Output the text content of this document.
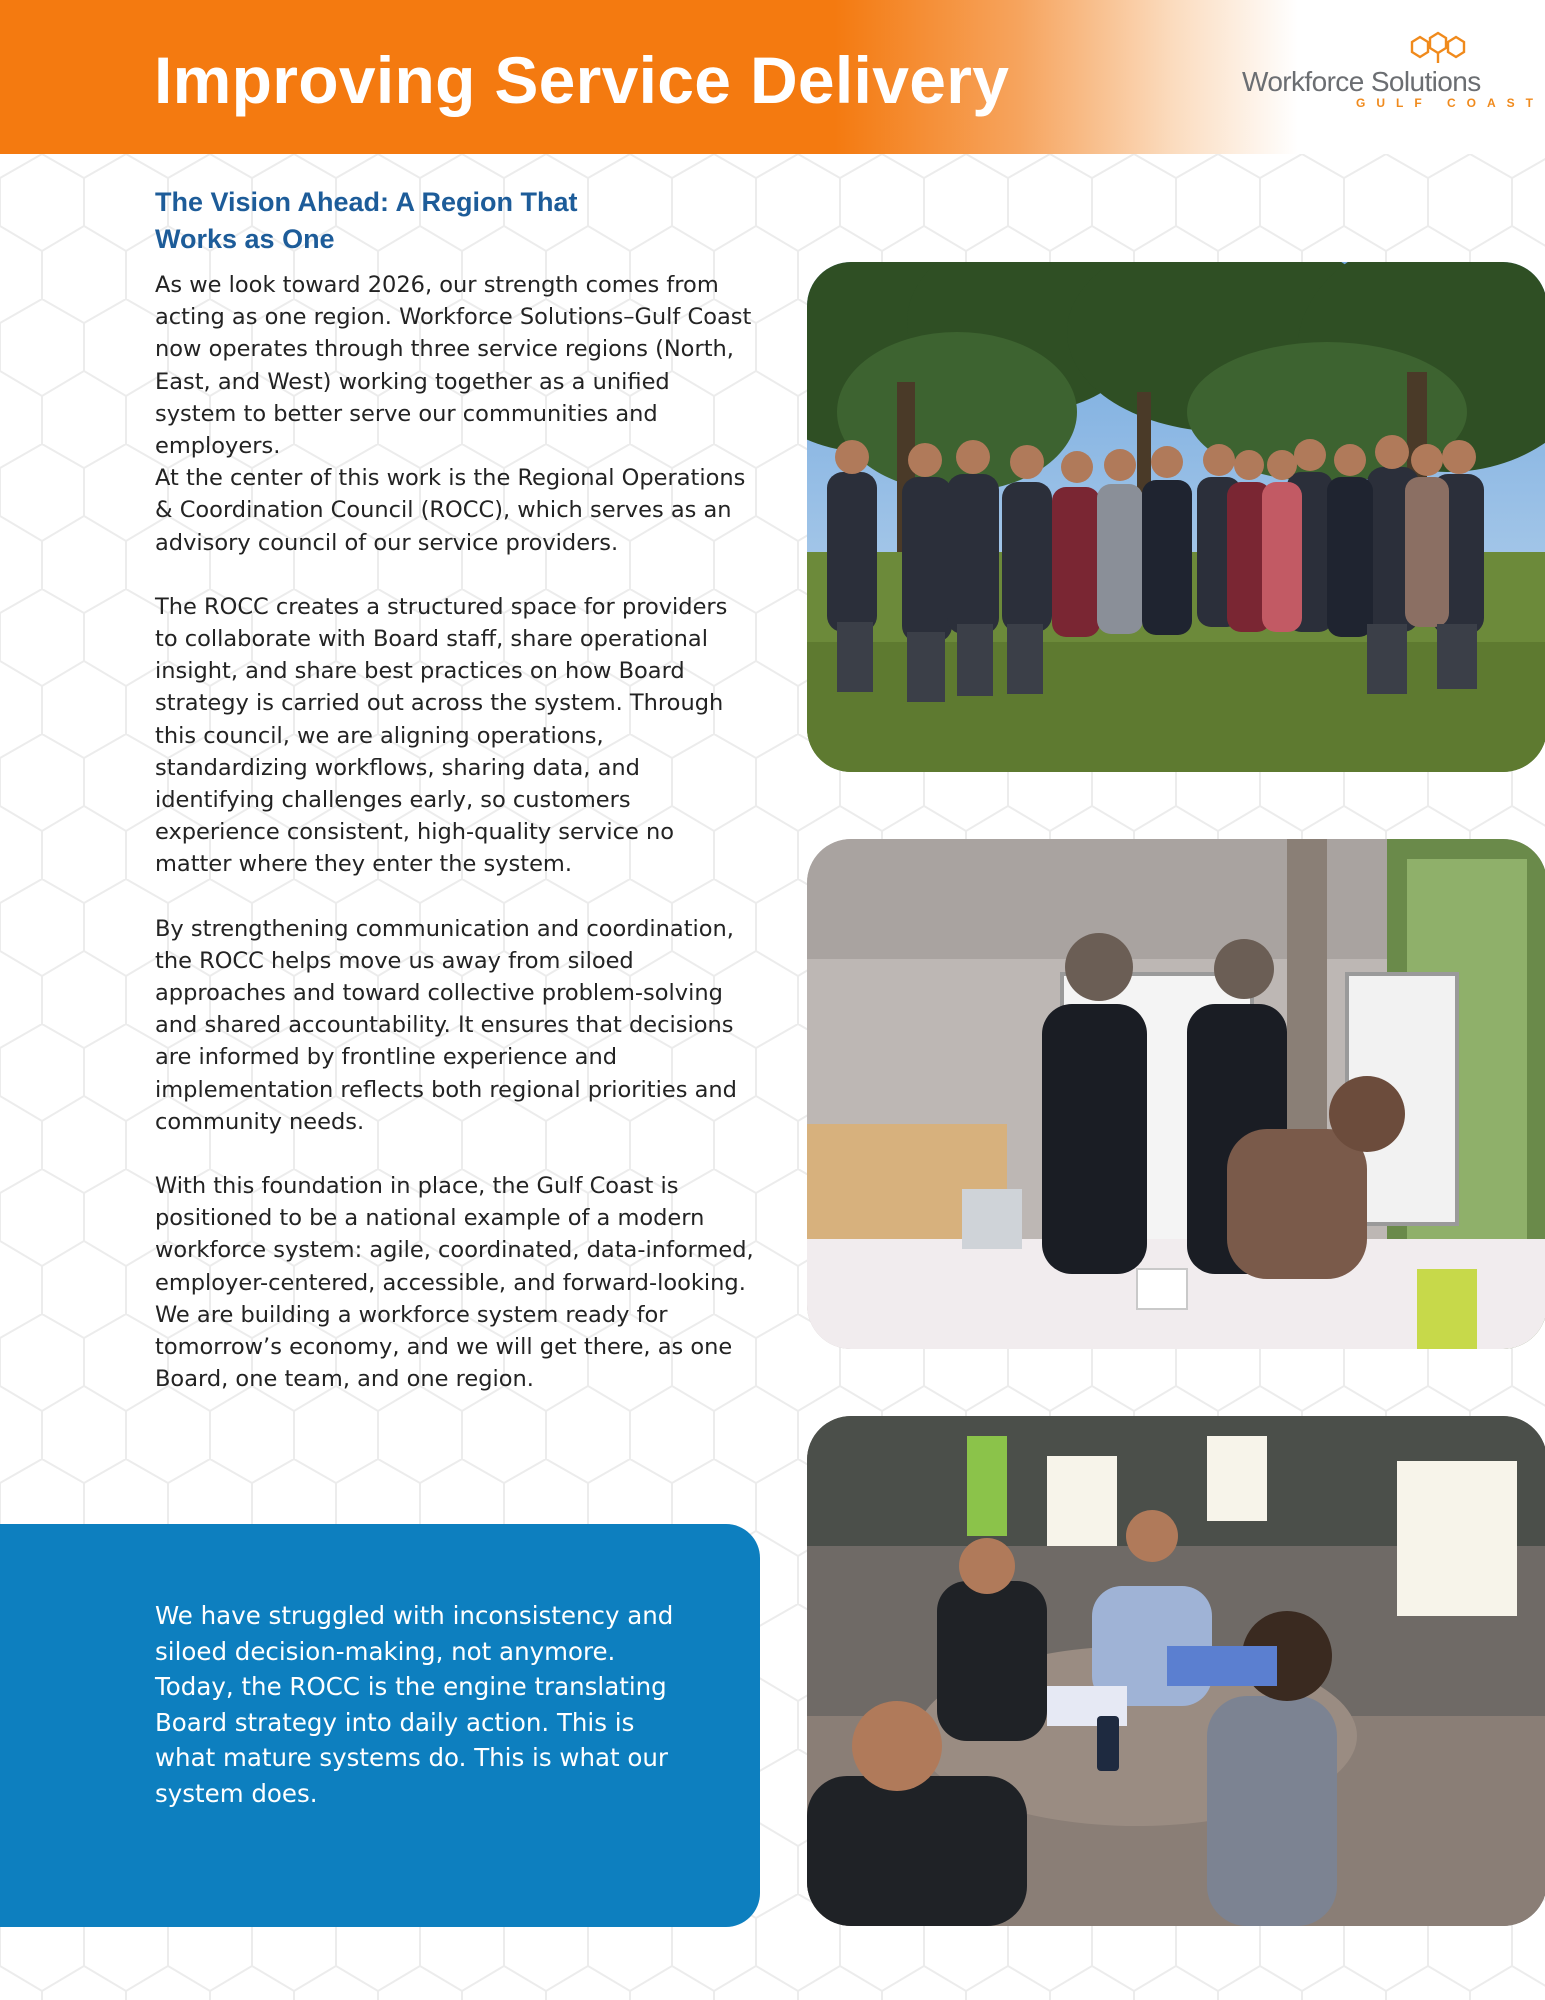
Improving Service Delivery	Workforce Solutions
GULF COAST
The Vision Ahead: A Region That
Works as One

As we look toward 2026, our strength comes from acting as one region. Workforce Solutions–Gulf Coast now operates through three service regions (North, East, and West) working together as a unified system to better serve our communities and employers.
At the center of this work is the Regional Operations & Coordination Council (ROCC), which serves as an advisory council of our service providers.

The ROCC creates a structured space for providers to collaborate with Board staff, share operational insight, and share best practices on how Board strategy is carried out across the system. Through this council, we are aligning operations, standardizing workflows, sharing data, and identifying challenges early, so customers experience consistent, high-quality service no matter where they enter the system.

By strengthening communication and coordination, the ROCC helps move us away from siloed approaches and toward collective problem-solving and shared accountability. It ensures that decisions are informed by frontline experience and implementation reflects both regional priorities and community needs.

With this foundation in place, the Gulf Coast is positioned to be a national example of a modern workforce system: agile, coordinated, data-informed, employer-centered, accessible, and forward-looking. We are building a workforce system ready for tomorrow’s economy, and we will get there, as one Board, one team, and one region.

We have struggled with inconsistency and siloed decision-making, not anymore. Today, the ROCC is the engine translating Board strategy into daily action. This is what mature systems do. This is what our system does.
